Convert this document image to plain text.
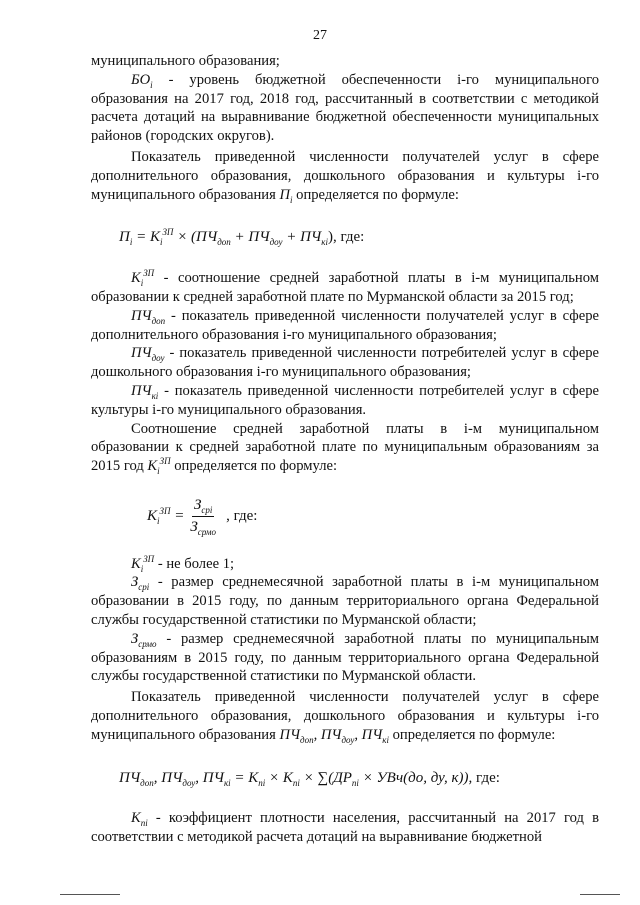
27

муниципального образования;

$БО_i$ - уровень бюджетной обеспеченности i-го муниципального образования на 2017 год, 2018 год, рассчитанный в соответствии с методикой расчета дотаций на выравнивание бюджетной обеспеченности муниципальных районов (городских округов).

Показатель приведенной численности получателей услуг в сфере дополнительного образования, дошкольного образования и культуры i-го муниципального образования $П_i$ определяется по формуле:

$П_i = К_i^{ЗП} \times (ПЧ_{доп} + ПЧ_{доу} + ПЧ_{кi})$, где:

$К_i^{ЗП}$ - соотношение средней заработной платы в i-м муниципальном образовании к средней заработной плате по Мурманской области за 2015 год;

$ПЧ_{доп}$ - показатель приведенной численности получателей услуг в сфере дополнительного образования i-го муниципального образования;

$ПЧ_{доу}$ - показатель приведенной численности потребителей услуг в сфере дошкольного образования i-го муниципального образования;

$ПЧ_{кi}$ - показатель приведенной численности потребителей услуг в сфере культуры i-го муниципального образования.

Соотношение средней заработной платы в i-м муниципальном образовании к средней заработной плате по муниципальным образованиям за 2015 год $К_i^{ЗП}$ определяется по формуле:

$К_i^{ЗП} = \frac{З_{срi}}{З_{срмо}}$ , где:

$К_i^{ЗП}$ - не более 1;

$З_{срi}$ - размер среднемесячной заработной платы в i-м муниципальном образовании в 2015 году, по данным территориального органа Федеральной службы государственной статистики по Мурманской области;

$З_{срмо}$ - размер среднемесячной заработной платы по муниципальным образованиям в 2015 году, по данным территориального органа Федеральной службы государственной статистики по Мурманской области.

Показатель приведенной численности получателей услуг в сфере дополнительного образования, дошкольного образования и культуры i-го муниципального образования $ПЧ_{доп}$, $ПЧ_{доу}$, $ПЧ_{кi}$ определяется по формуле:

$ПЧ_{доп}$, $ПЧ_{доу}$, $ПЧ_{кi} = К_{пi} \times К_{пi} \times \sum(ДР_{пi} \times УВч(до$, ду, к)), где:

$К_{пi}$ - коэффициент плотности населения, рассчитанный на 2017 год в соответствии с методикой расчета дотаций на выравнивание бюджетной
